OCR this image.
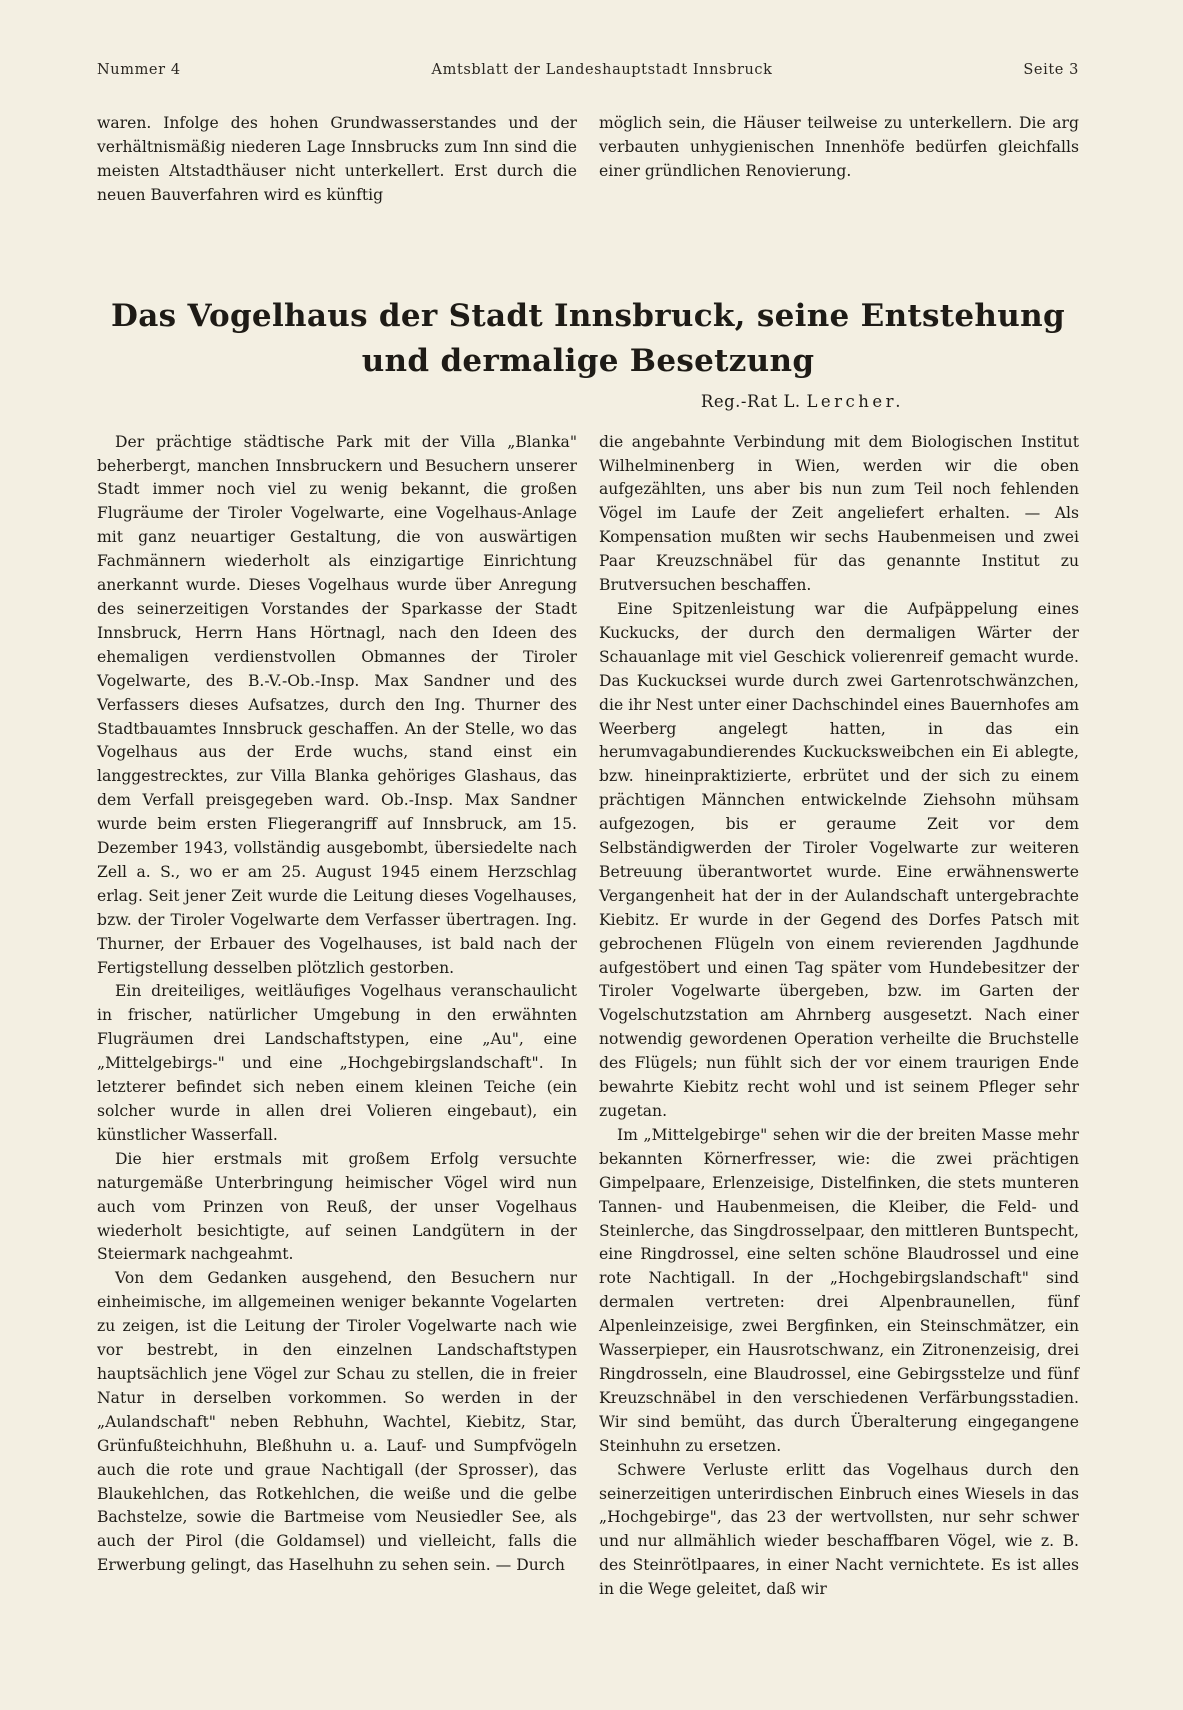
Nummer 4	Amtsblatt der Landeshauptstadt Innsbruck	Seite 3

waren. Infolge des hohen Grundwasserstandes und der verhältnismäßig niederen Lage Innsbrucks zum Inn sind die meisten Altstadthäuser nicht unterkellert. Erst durch die neuen Bauverfahren wird es künftig

möglich sein, die Häuser teilweise zu unterkellern. Die arg verbauten unhygienischen Innenhöfe bedürfen gleichfalls einer gründlichen Renovierung.

Das Vogelhaus der Stadt Innsbruck, seine Entstehung
und dermalige Besetzung
Reg.-Rat L. Lercher.

Der prächtige städtische Park mit der Villa „Blanka" beherbergt, manchen Innsbruckern und Besuchern unserer Stadt immer noch viel zu wenig bekannt, die großen Flugräume der Tiroler Vogelwarte, eine Vogelhaus-Anlage mit ganz neuartiger Gestaltung, die von auswärtigen Fachmännern wiederholt als einzigartige Einrichtung anerkannt wurde. Dieses Vogelhaus wurde über Anregung des seinerzeitigen Vorstandes der Sparkasse der Stadt Innsbruck, Herrn Hans Hörtnagl, nach den Ideen des ehemaligen verdienstvollen Obmannes der Tiroler Vogelwarte, des B.-V.-Ob.-Insp. Max Sandner und des Verfassers dieses Aufsatzes, durch den Ing. Thurner des Stadtbauamtes Innsbruck geschaffen. An der Stelle, wo das Vogelhaus aus der Erde wuchs, stand einst ein langgestrecktes, zur Villa Blanka gehöriges Glashaus, das dem Verfall preisgegeben ward. Ob.-Insp. Max Sandner wurde beim ersten Fliegerangriff auf Innsbruck, am 15. Dezember 1943, vollständig ausgebombt, übersiedelte nach Zell a. S., wo er am 25. August 1945 einem Herzschlag erlag. Seit jener Zeit wurde die Leitung dieses Vogelhauses, bzw. der Tiroler Vogelwarte dem Verfasser übertragen. Ing. Thurner, der Erbauer des Vogelhauses, ist bald nach der Fertigstellung desselben plötzlich gestorben.

Ein dreiteiliges, weitläufiges Vogelhaus veranschaulicht in frischer, natürlicher Umgebung in den erwähnten Flugräumen drei Landschaftstypen, eine „Au", eine „Mittelgebirgs-" und eine „Hochgebirgslandschaft". In letzterer befindet sich neben einem kleinen Teiche (ein solcher wurde in allen drei Volieren eingebaut), ein künstlicher Wasserfall.

Die hier erstmals mit großem Erfolg versuchte naturgemäße Unterbringung heimischer Vögel wird nun auch vom Prinzen von Reuß, der unser Vogelhaus wiederholt besichtigte, auf seinen Landgütern in der Steiermark nachgeahmt.

Von dem Gedanken ausgehend, den Besuchern nur einheimische, im allgemeinen weniger bekannte Vogelarten zu zeigen, ist die Leitung der Tiroler Vogelwarte nach wie vor bestrebt, in den einzelnen Landschaftstypen hauptsächlich jene Vögel zur Schau zu stellen, die in freier Natur in derselben vorkommen. So werden in der „Aulandschaft" neben Rebhuhn, Wachtel, Kiebitz, Star, Grünfußteichhuhn, Bleßhuhn u. a. Lauf- und Sumpfvögeln auch die rote und graue Nachtigall (der Sprosser), das Blaukehlchen, das Rotkehlchen, die weiße und die gelbe Bachstelze, sowie die Bartmeise vom Neusiedler See, als auch der Pirol (die Goldamsel) und vielleicht, falls die Erwerbung gelingt, das Haselhuhn zu sehen sein. — Durch

die angebahnte Verbindung mit dem Biologischen Institut Wilhelminenberg in Wien, werden wir die oben aufgezählten, uns aber bis nun zum Teil noch fehlenden Vögel im Laufe der Zeit angeliefert erhalten. — Als Kompensation mußten wir sechs Haubenmeisen und zwei Paar Kreuzschnäbel für das genannte Institut zu Brutversuchen beschaffen.

Eine Spitzenleistung war die Aufpäppelung eines Kuckucks, der durch den dermaligen Wärter der Schauanlage mit viel Geschick volierenreif gemacht wurde. Das Kuckucksei wurde durch zwei Gartenrotschwänzchen, die ihr Nest unter einer Dachschindel eines Bauernhofes am Weerberg angelegt hatten, in das ein herumvagabundierendes Kuckucksweibchen ein Ei ablegte, bzw. hineinpraktizierte, erbrütet und der sich zu einem prächtigen Männchen entwickelnde Ziehsohn mühsam aufgezogen, bis er geraume Zeit vor dem Selbständigwerden der Tiroler Vogelwarte zur weiteren Betreuung überantwortet wurde. Eine erwähnenswerte Vergangenheit hat der in der Aulandschaft untergebrachte Kiebitz. Er wurde in der Gegend des Dorfes Patsch mit gebrochenen Flügeln von einem revierenden Jagdhunde aufgestöbert und einen Tag später vom Hundebesitzer der Tiroler Vogelwarte übergeben, bzw. im Garten der Vogelschutzstation am Ahrnberg ausgesetzt. Nach einer notwendig gewordenen Operation verheilte die Bruchstelle des Flügels; nun fühlt sich der vor einem traurigen Ende bewahrte Kiebitz recht wohl und ist seinem Pfleger sehr zugetan.

Im „Mittelgebirge" sehen wir die der breiten Masse mehr bekannten Körnerfresser, wie: die zwei prächtigen Gimpelpaare, Erlenzeisige, Distelfinken, die stets munteren Tannen- und Haubenmeisen, die Kleiber, die Feld- und Steinlerche, das Singdrosselpaar, den mittleren Buntspecht, eine Ringdrossel, eine selten schöne Blaudrossel und eine rote Nachtigall. In der „Hochgebirgslandschaft" sind dermalen vertreten: drei Alpenbraunellen, fünf Alpenleinzeisige, zwei Bergfinken, ein Steinschmätzer, ein Wasserpieper, ein Hausrotschwanz, ein Zitronenzeisig, drei Ringdrosseln, eine Blaudrossel, eine Gebirgsstelze und fünf Kreuzschnäbel in den verschiedenen Verfärbungsstadien. Wir sind bemüht, das durch Überalterung eingegangene Steinhuhn zu ersetzen.

Schwere Verluste erlitt das Vogelhaus durch den seinerzeitigen unterirdischen Einbruch eines Wiesels in das „Hochgebirge", das 23 der wertvollsten, nur sehr schwer und nur allmählich wieder beschaffbaren Vögel, wie z. B. des Steinrötlpaares, in einer Nacht vernichtete. Es ist alles in die Wege geleitet, daß wir
